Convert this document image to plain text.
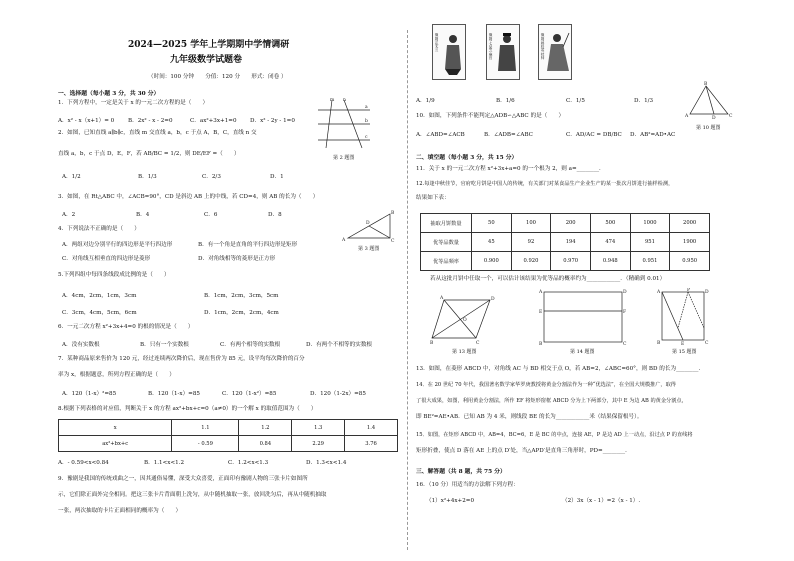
2024—2025 学年上学期期中学情调研
九年级数学试题卷
（时间：100 分钟　　分值：120 分　　形式：闭卷 ）
一、选择题（每小题 3 分，共 30 分）
1．下列方程中，一定是关于 x 的一元二次方程的是（　　）
A．x² - x（x+1）= 0 B．2x² - x - 2=0	C．ax²+3x+1=0 D．x² - 2y - 1=0
m n
a
b
c
第 2 题图
2．如图，已知直线 a∥b∥c，直线 m 交直线 a，b，c 于点 A，B，C，直线 n 交
直线 a，b，c 于点 D，E，F，若 AB/BC = 1/2，则 DE/EF =（　　）
A．1/2	B．1/3	C．2/3	D．1
3．如图，在 Rt△ABC 中，∠ACB=90°，CD 是斜边 AB 上的中线，若 CD=4，则 AB 的长为（　　）
A．2	B．4	C．6	D．8
A	C
B
D
第 3 题图
4．下列说法不正确的是（　　）
A．两组对边分别平行的四边形是平行四边形	B．有一个角是直角的平行四边形是矩形
C．对角线互相垂直的四边形是菱形	D．对角线相等的菱形是正方形
5.下列四组中每四条线段成比例的是（　　）
A．4cm，2cm，1cm，3cm	B．1cm，2cm，3cm，5cm
C．3cm，4cm，5cm，6cm	D．1cm，2cm，2cm，4cm
6．一元二次方程 x²+3x+4=0 的根的情况是（　　）
A．没有实数根	B．只有一个实数根	C．有两个相等的实数根	D．有两个不相等的实数根
7．某种商品原来售价为 120 元，经过连续两次降价后，现在售价为 85 元，设平均每次降价的百分
率为 x，根据题意，所列方程正确的是（　　）
A．120（1-x）²=85	B．120（1-x）=85	C．120（1-x²）=85	D．120（1-2x）=85
8.根据下列表格的对应值，判断关于 x 的方程 ax²+bx+c=0（a≠0）的一个解 x 的取值范围为（　　）
x	1.1	1.2	1.3	1.4
ax²+bx+c	- 0.59	0.84	2.29	3.76
A．- 0.59<x<0.84	B．1.1<x<1.2	C．1.2<x<1.3	D．1.3<x<1.4
9．豫剧是我国的传统戏曲之一，因其通俗易懂，深受大众喜爱，正面印有豫剧人物的三张卡片如图所
示，它们除正面外完全相同。把这三张卡片背面朝上洗匀，从中随机抽取一张，放回洗匀后，再从中随机抽取
一张，两次抽取的卡片正面相同的概率为（　　）
豫剧·花木兰	豫剧·七品芝麻官	豫剧·穆桂英挂帅
A．1/9	B．1/6	C．1/5	D．1/3
B
A	D	C
第 10 题图
10．如图，下列条件不能判定△ADB∽△ABC 的是（　　）
A．∠ABD=∠ACB	B．∠ADB=∠ABC	C．AD/AC = DB/BC D．AB²=AD•AC
二、填空题（每小题 3 分，共 15 分）
11．关于 x 的一元二次方程 x²+3x+a=0 的一个根为 2，则 a=________．
12.每逢中秋佳节，官府吃月饼是中国人的传统，有关部门对某食品生产企业生产的某一批次月饼进行抽样检测，
结果如下表：
抽取月饼数量	50	100	200	500	1000	2000
优等品数量	45	92	194	474	951	1900
优等品频率	0.900	0.920	0.970	0.948	0.951	0.950
若从这批月饼中任取一个，可以估计该结果为优等品的概率约为____________．（精确到 0.01）
A	D
C
B
O
第 13 题图
A	D
E	F
B	C
第 14 题图
A	P	D
B	E	C
第 15 题图
13．如图，在菱形 ABCD 中，对角线 AC 与 BD 相交于点 O，若 AB=2，∠ABC=60°，则 BD 的长为________．
14．在 20 世纪 70 年代，我国著名数学家华罗庚教授将黄金分割法作为一种“优选法”，在全国大规模推广，取得
了很大成果，如图，利用黄金分割法，所作 EF 将矩形窗框 ABCD 分为上下两部分，其中 E 为边 AB 的黄金分割点，
即 BE²=AE•AB．已知 AB 为 4 米，则线段 BE 的长为____________米（结果保留根号）。
15．如图，在矩形 ABCD 中，AB=4，BC=6，E 是 BC 的中点，连接 AE，P 是边 AD 上一动点，沿过点 P 的直线将
矩形折叠，使点 D 落在 AE 上的点 D′处，当△APD′是直角三角形时，PD=________．
三、解答题（共 8 题，共 75 分）
16．（10 分）用适当的方法解下列方程：
（1）x²+4x+2=0	（2）3x（x - 1）=2（x - 1）.
